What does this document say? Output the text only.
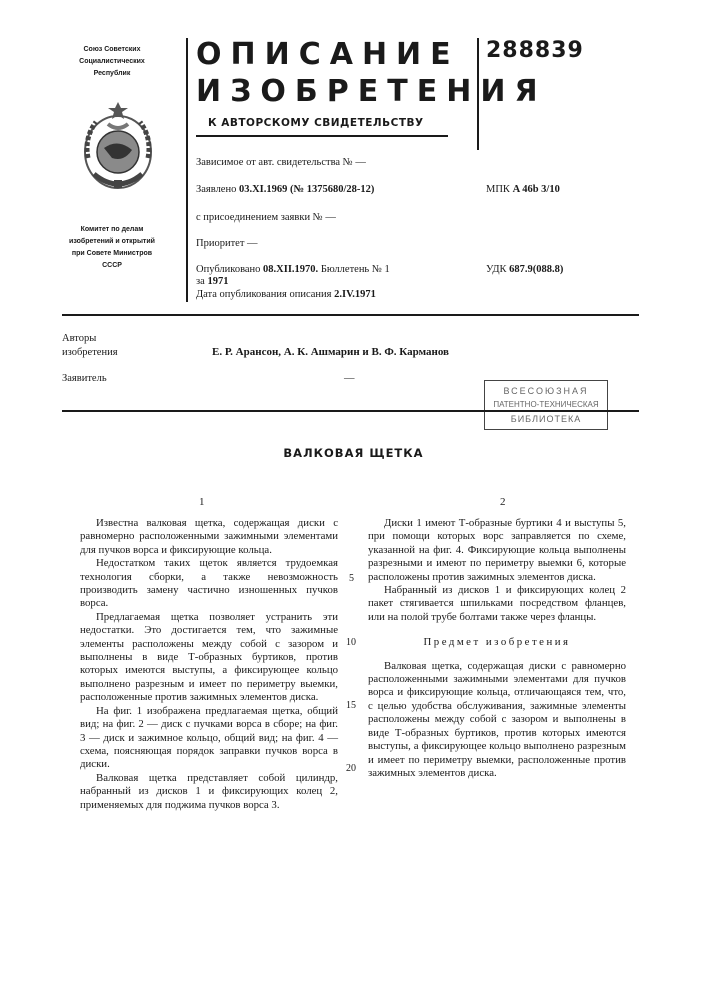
Союз Советских
Социалистических
Республик
Комитет по делам
изобретений и открытий
при Совете Министров
СССР
ОПИСАНИЕ
ИЗОБРЕТЕНИЯ
К АВТОРСКОМУ СВИДЕТЕЛЬСТВУ
288839
Зависимое от авт. свидетельства № —
Заявлено 03.XI.1969 (№ 1375680/28-12)
с присоединением заявки № —
Приоритет —
Опубликовано 08.XII.1970. Бюллетень № 1
за 1971
Дата опубликования описания 2.IV.1971
МПК A 46b 3/10
УДК 687.9(088.8)
Авторы
изобретения	Е. Р. Арансон, А. К. Ашмарин и В. Ф. Карманов
Заявитель	—
ВСЕСОЮЗНАЯ
ПАТЕНТНО-ТЕХНИЧЕСКАЯ
БИБЛИОТЕКА
ВАЛКОВАЯ ЩЕТКА
1	2

Известна валковая щетка, содержащая диски с равномерно расположенными зажимными элементами для пучков ворса и фиксирующие кольца.

Недостатком таких щеток является трудоемкая технология сборки, а также невозможность производить замену частично изношенных пучков ворса.

Предлагаемая щетка позволяет устранить эти недостатки. Это достигается тем, что зажимные элементы расположены между собой с зазором и выполнены в виде Т-образных буртиков, против которых имеются выступы, а фиксирующее кольцо выполнено разрезным и имеет по периметру выемки, расположенные против зажимных элементов диска.

На фиг. 1 изображена предлагаемая щетка, общий вид; на фиг. 2 — диск с пучками ворса в сборе; на фиг. 3 — диск и зажимное кольцо, общий вид; на фиг. 4 — схема, поясняющая порядок заправки пучков ворса в диски.

Валковая щетка представляет собой цилиндр, набранный из дисков 1 и фиксирующих колец 2, применяемых для поджима пучков ворса 3.

5
10
15
20

Диски 1 имеют Т-образные буртики 4 и выступы 5, при помощи которых ворс заправляется по схеме, указанной на фиг. 4. Фиксирующие кольца выполнены разрезными и имеют по периметру выемки 6, которые расположены против зажимных элементов диска.

Набранный из дисков 1 и фиксирующих колец 2 пакет стягивается шпильками посредством фланцев, или на полой трубе болтами также через фланцы.

Предмет изобретения

Валковая щетка, содержащая диски с равномерно расположенными зажимными элементами для пучков ворса и фиксирующие кольца, отличающаяся тем, что, с целью удобства обслуживания, зажимные элементы расположены между собой с зазором и выполнены в виде Т-образных буртиков, против которых имеются выступы, а фиксирующее кольцо выполнено разрезным и имеет по периметру выемки, расположенные против зажимных элементов диска.
